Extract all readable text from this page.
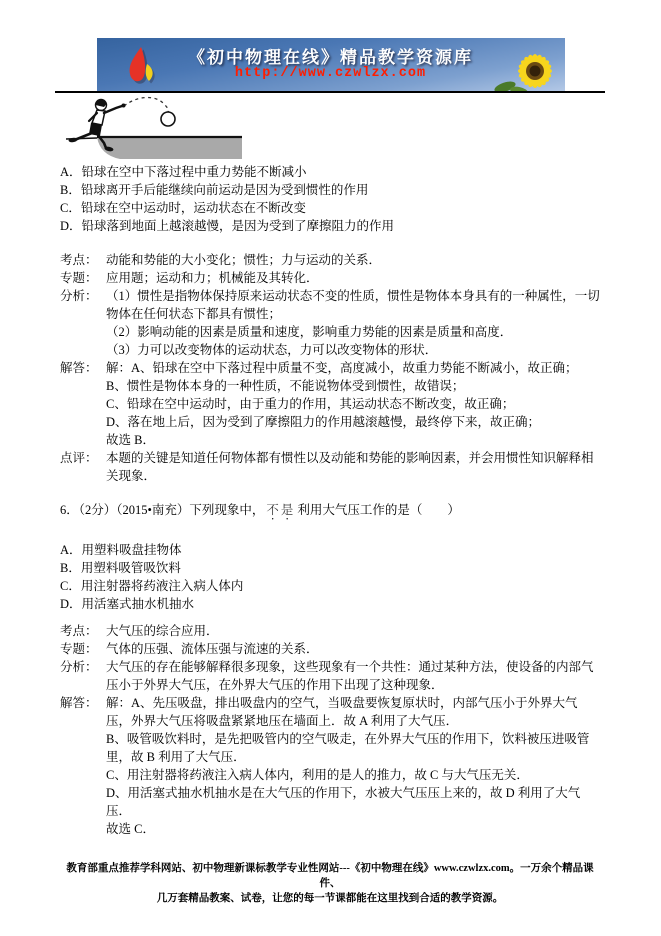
《初中物理在线》精品教学资源库
http://www.czwlzx.com
A．铅球在空中下落过程中重力势能不断减小
B．铅球离开手后能继续向前运动是因为受到惯性的作用
C．铅球在空中运动时，运动状态在不断改变
D．铅球落到地面上越滚越慢，是因为受到了摩擦阻力的作用
考点： 动能和势能的大小变化；惯性；力与运动的关系．

专题： 应用题；运动和力；机械能及其转化．

分析： （1）惯性是指物体保持原来运动状态不变的性质，惯性是物体本身具有的一种属性，一切物体在任何状态下都具有惯性；

（2）影响动能的因素是质量和速度，影响重力势能的因素是质量和高度．

（3）力可以改变物体的运动状态，力可以改变物体的形状．

解答： 解：A、铅球在空中下落过程中质量不变，高度减小，故重力势能不断减小，故正确；

B、惯性是物体本身的一种性质，不能说物体受到惯性，故错误；

C、铅球在空中运动时，由于重力的作用，其运动状态不断改变，故正确；

D、落在地上后，因为受到了摩擦阻力的作用越滚越慢，最终停下来，故正确；

故选 B．

点评： 本题的关键是知道任何物体都有惯性以及动能和势能的影响因素，并会用惯性知识解释相关现象．

6．（2分）（2015•南充）下列现象中， 不是 利用大气压工作的是（　　）
A．用塑料吸盘挂物体
B．用塑料吸管吸饮料
C．用注射器将药液注入病人体内
D．用活塞式抽水机抽水
考点： 大气压的综合应用．

专题： 气体的压强、流体压强与流速的关系．

分析： 大气压的存在能够解释很多现象，这些现象有一个共性：通过某种方法，使设备的内部气压小于外界大气压，在外界大气压的作用下出现了这种现象．

解答： 解：A、先压吸盘，排出吸盘内的空气，当吸盘要恢复原状时，内部气压小于外界大气压，外界大气压将吸盘紧紧地压在墙面上．故 A 利用了大气压．

B、吸管吸饮料时，是先把吸管内的空气吸走，在外界大气压的作用下，饮料被压进吸管里，故 B 利用了大气压．

C、用注射器将药液注入病人体内，利用的是人的推力，故 C 与大气压无关．

D、用活塞式抽水机抽水是在大气压的作用下，水被大气压压上来的，故 D 利用了大气压．

故选 C．

教育部重点推荐学科网站、初中物理新课标教学专业性网站---《初中物理在线》www.czwlzx.com。一万余个精品课件、
几万套精品教案、试卷，让您的每一节课都能在这里找到合适的教学资源。
